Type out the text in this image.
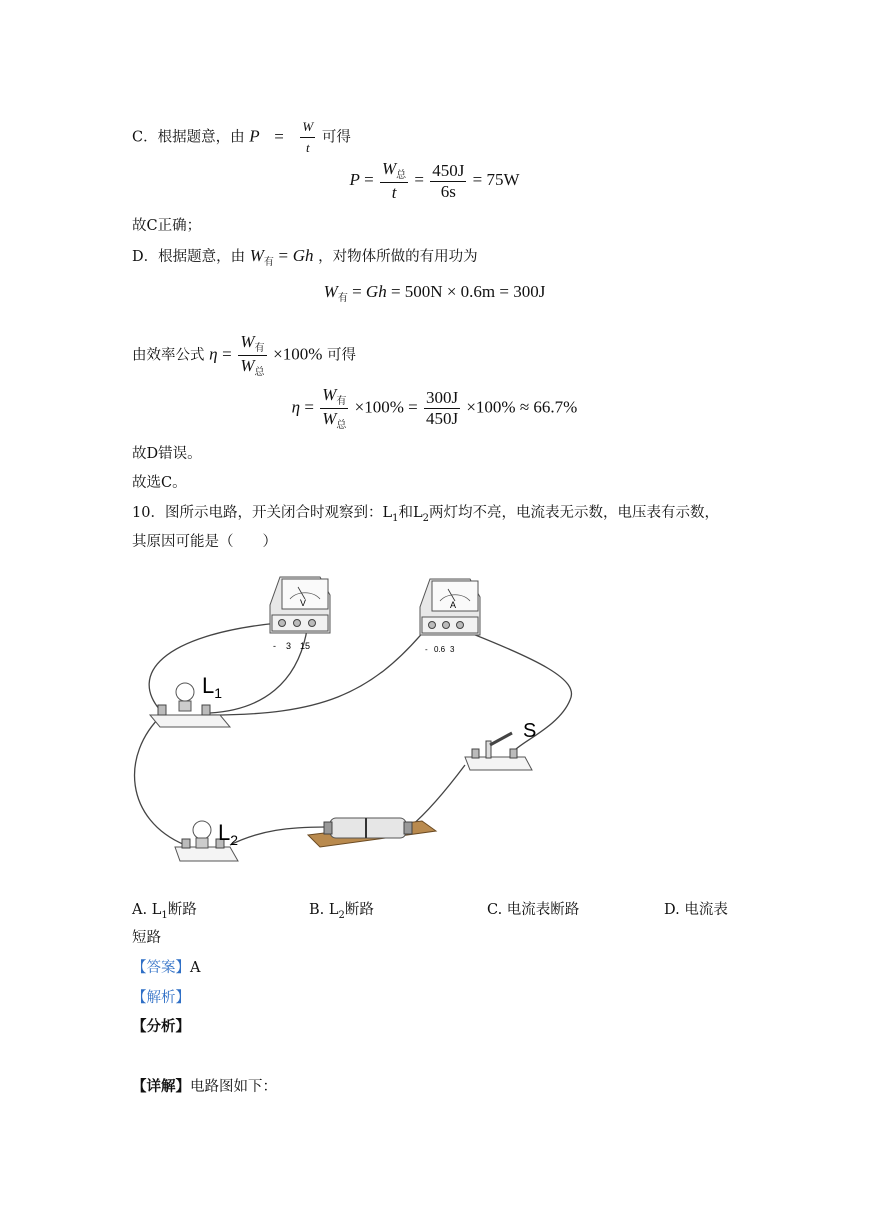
C．根据题意，由 $P = \frac{W}{t}$ 可得
$P = \frac{W_总}{t} = \frac{450J}{6s} = 75W$
故C正确；
D．根据题意，由 $W_有 = Gh$ ，对物体所做的有用功为
$W_有 = Gh = 500N \times 0.6m = 300J$
由效率公式 $\eta = \frac{W_有}{W_总} \times 100\%$ 可得
$\eta = \frac{W_有}{W_总} \times 100\% = \frac{300J}{450J} \times 100\% \approx 66.7\%$
故D错误。
故选C。
10．图所示电路，开关闭合时观察到：$L_1$和$L_2$两灯均不亮，电流表无示数，电压表有示数，
其原因可能是（　　）
V
- 3 15
A
- 0.6 3
$L_1$
$L_2$
S
A. $L_1$断路	B. $L_2$断路	C. 电流表断路	D. 电流表
短路
【答案】A
【解析】
【分析】
【详解】电路图如下：
